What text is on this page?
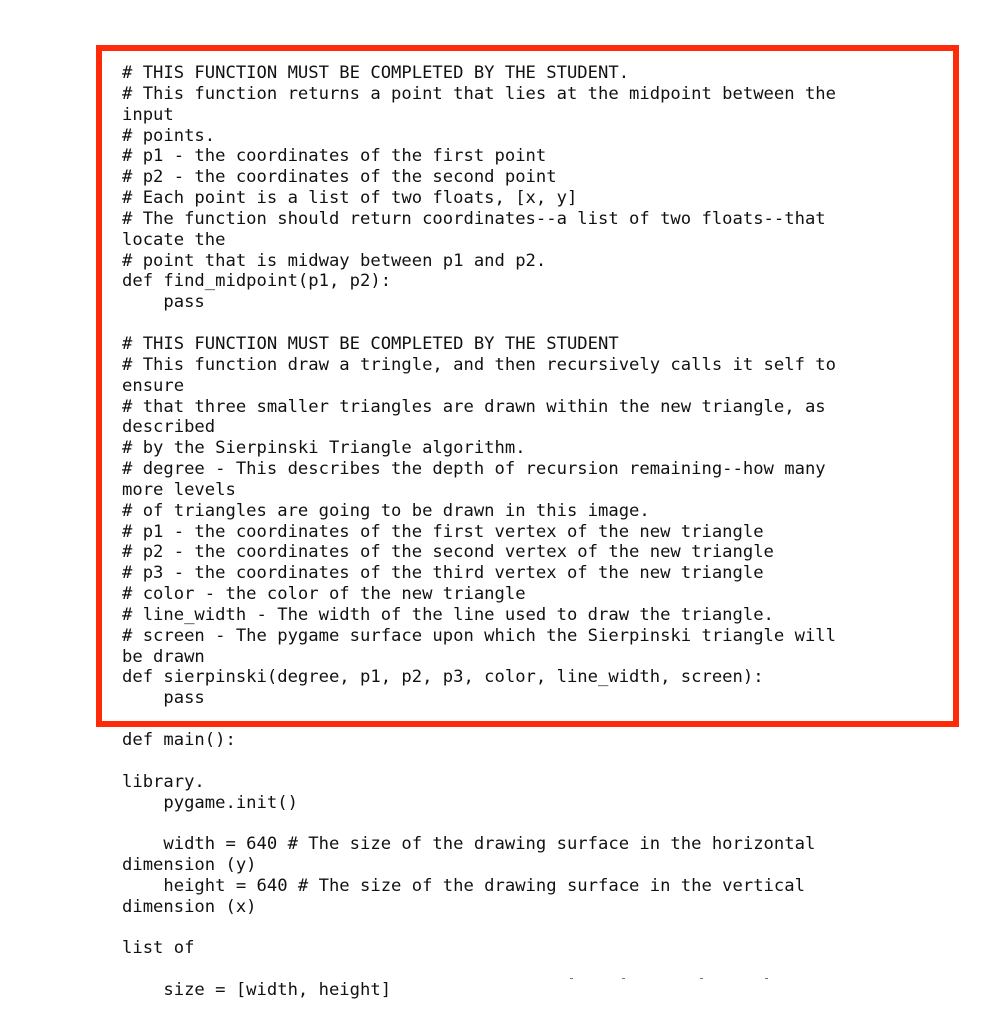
# THIS FUNCTION MUST BE COMPLETED BY THE STUDENT.
# This function returns a point that lies at the midpoint between the
input
# points.
# p1 - the coordinates of the first point
# p2 - the coordinates of the second point
# Each point is a list of two floats, [x, y]
# The function should return coordinates--a list of two floats--that
locate the
# point that is midway between p1 and p2.
def find_midpoint(p1, p2):
pass
# THIS FUNCTION MUST BE COMPLETED BY THE STUDENT
# This function draw a tringle, and then recursively calls it self to
ensure
# that three smaller triangles are drawn within the new triangle, as
described
# by the Sierpinski Triangle algorithm.
# degree - This describes the depth of recursion remaining--how many
more levels
# of triangles are going to be drawn in this image.
# p1 - the coordinates of the first vertex of the new triangle
# p2 - the coordinates of the second vertex of the new triangle
# p3 - the coordinates of the third vertex of the new triangle
# color - the color of the new triangle
# line_width - The width of the line used to draw the triangle.
# screen - The pygame surface upon which the Sierpinski triangle will
be drawn
def sierpinski(degree, p1, p2, p3, color, line_width, screen):
pass
def main():
library.
pygame.init()
width = 640 # The size of the drawing surface in the horizontal
dimension (y)
height = 640 # The size of the drawing surface in the vertical
dimension (x)
list of
size = [width, height]
